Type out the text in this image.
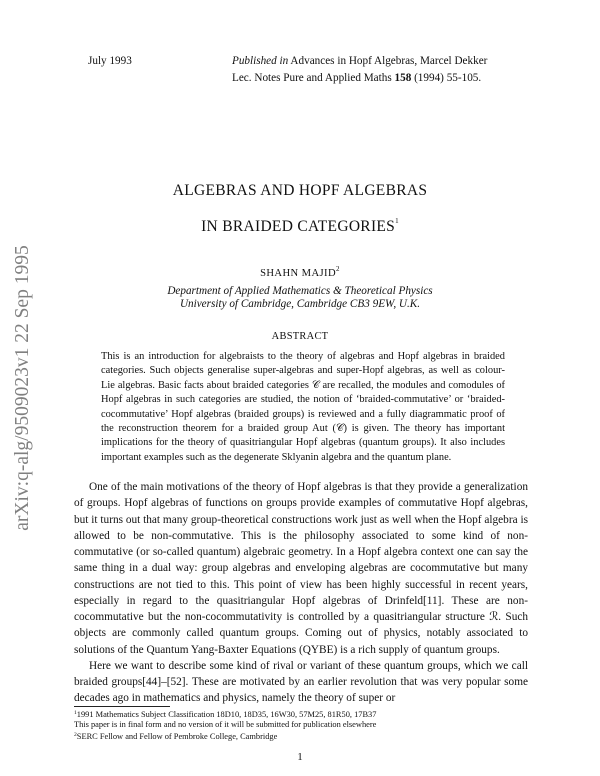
arXiv:q-alg/9509023v1 22 Sep 1995
July 1993	Published in Advances in Hopf Algebras, Marcel Dekker
Lec. Notes Pure and Applied Maths 158 (1994) 55-105.
ALGEBRAS AND HOPF ALGEBRAS
IN BRAIDED CATEGORIES$^1$
SHAHN MAJID$^2$
Department of Applied Mathematics & Theoretical Physics
University of Cambridge, Cambridge CB3 9EW, U.K.
ABSTRACT
This is an introduction for algebraists to the theory of algebras and Hopf algebras in braided categories. Such objects generalise super-algebras and super-Hopf algebras, as well as colour-Lie algebras. Basic facts about braided categories 𝒞 are recalled, the modules and comodules of Hopf algebras in such categories are studied, the notion of ‘braided-commutative’ or ‘braided-cocommutative’ Hopf algebras (braided groups) is reviewed and a fully diagrammatic proof of the reconstruction theorem for a braided group Aut (𝒞) is given. The theory has important implications for the theory of quasitriangular Hopf algebras (quantum groups). It also includes important examples such as the degenerate Sklyanin algebra and the quantum plane.

One of the main motivations of the theory of Hopf algebras is that they provide a generalization of groups. Hopf algebras of functions on groups provide examples of commutative Hopf algebras, but it turns out that many group-theoretical constructions work just as well when the Hopf algebra is allowed to be non-commutative. This is the philosophy associated to some kind of non-commutative (or so-called quantum) algebraic geometry. In a Hopf algebra context one can say the same thing in a dual way: group algebras and enveloping algebras are cocommutative but many constructions are not tied to this. This point of view has been highly successful in recent years, especially in regard to the quasitriangular Hopf algebras of Drinfeld[11]. These are non-cocommutative but the non-cocommutativity is controlled by a quasitriangular structure ℛ. Such objects are commonly called quantum groups. Coming out of physics, notably associated to solutions of the Quantum Yang-Baxter Equations (QYBE) is a rich supply of quantum groups.

Here we want to describe some kind of rival or variant of these quantum groups, which we call braided groups[44]–[52]. These are motivated by an earlier revolution that was very popular some decades ago in mathematics and physics, namely the theory of super or

$^1$1991 Mathematics Subject Classification 18D10, 18D35, 16W30, 57M25, 81R50, 17B37
This paper is in final form and no version of it will be submitted for publication elsewhere
$^2$SERC Fellow and Fellow of Pembroke College, Cambridge
1
